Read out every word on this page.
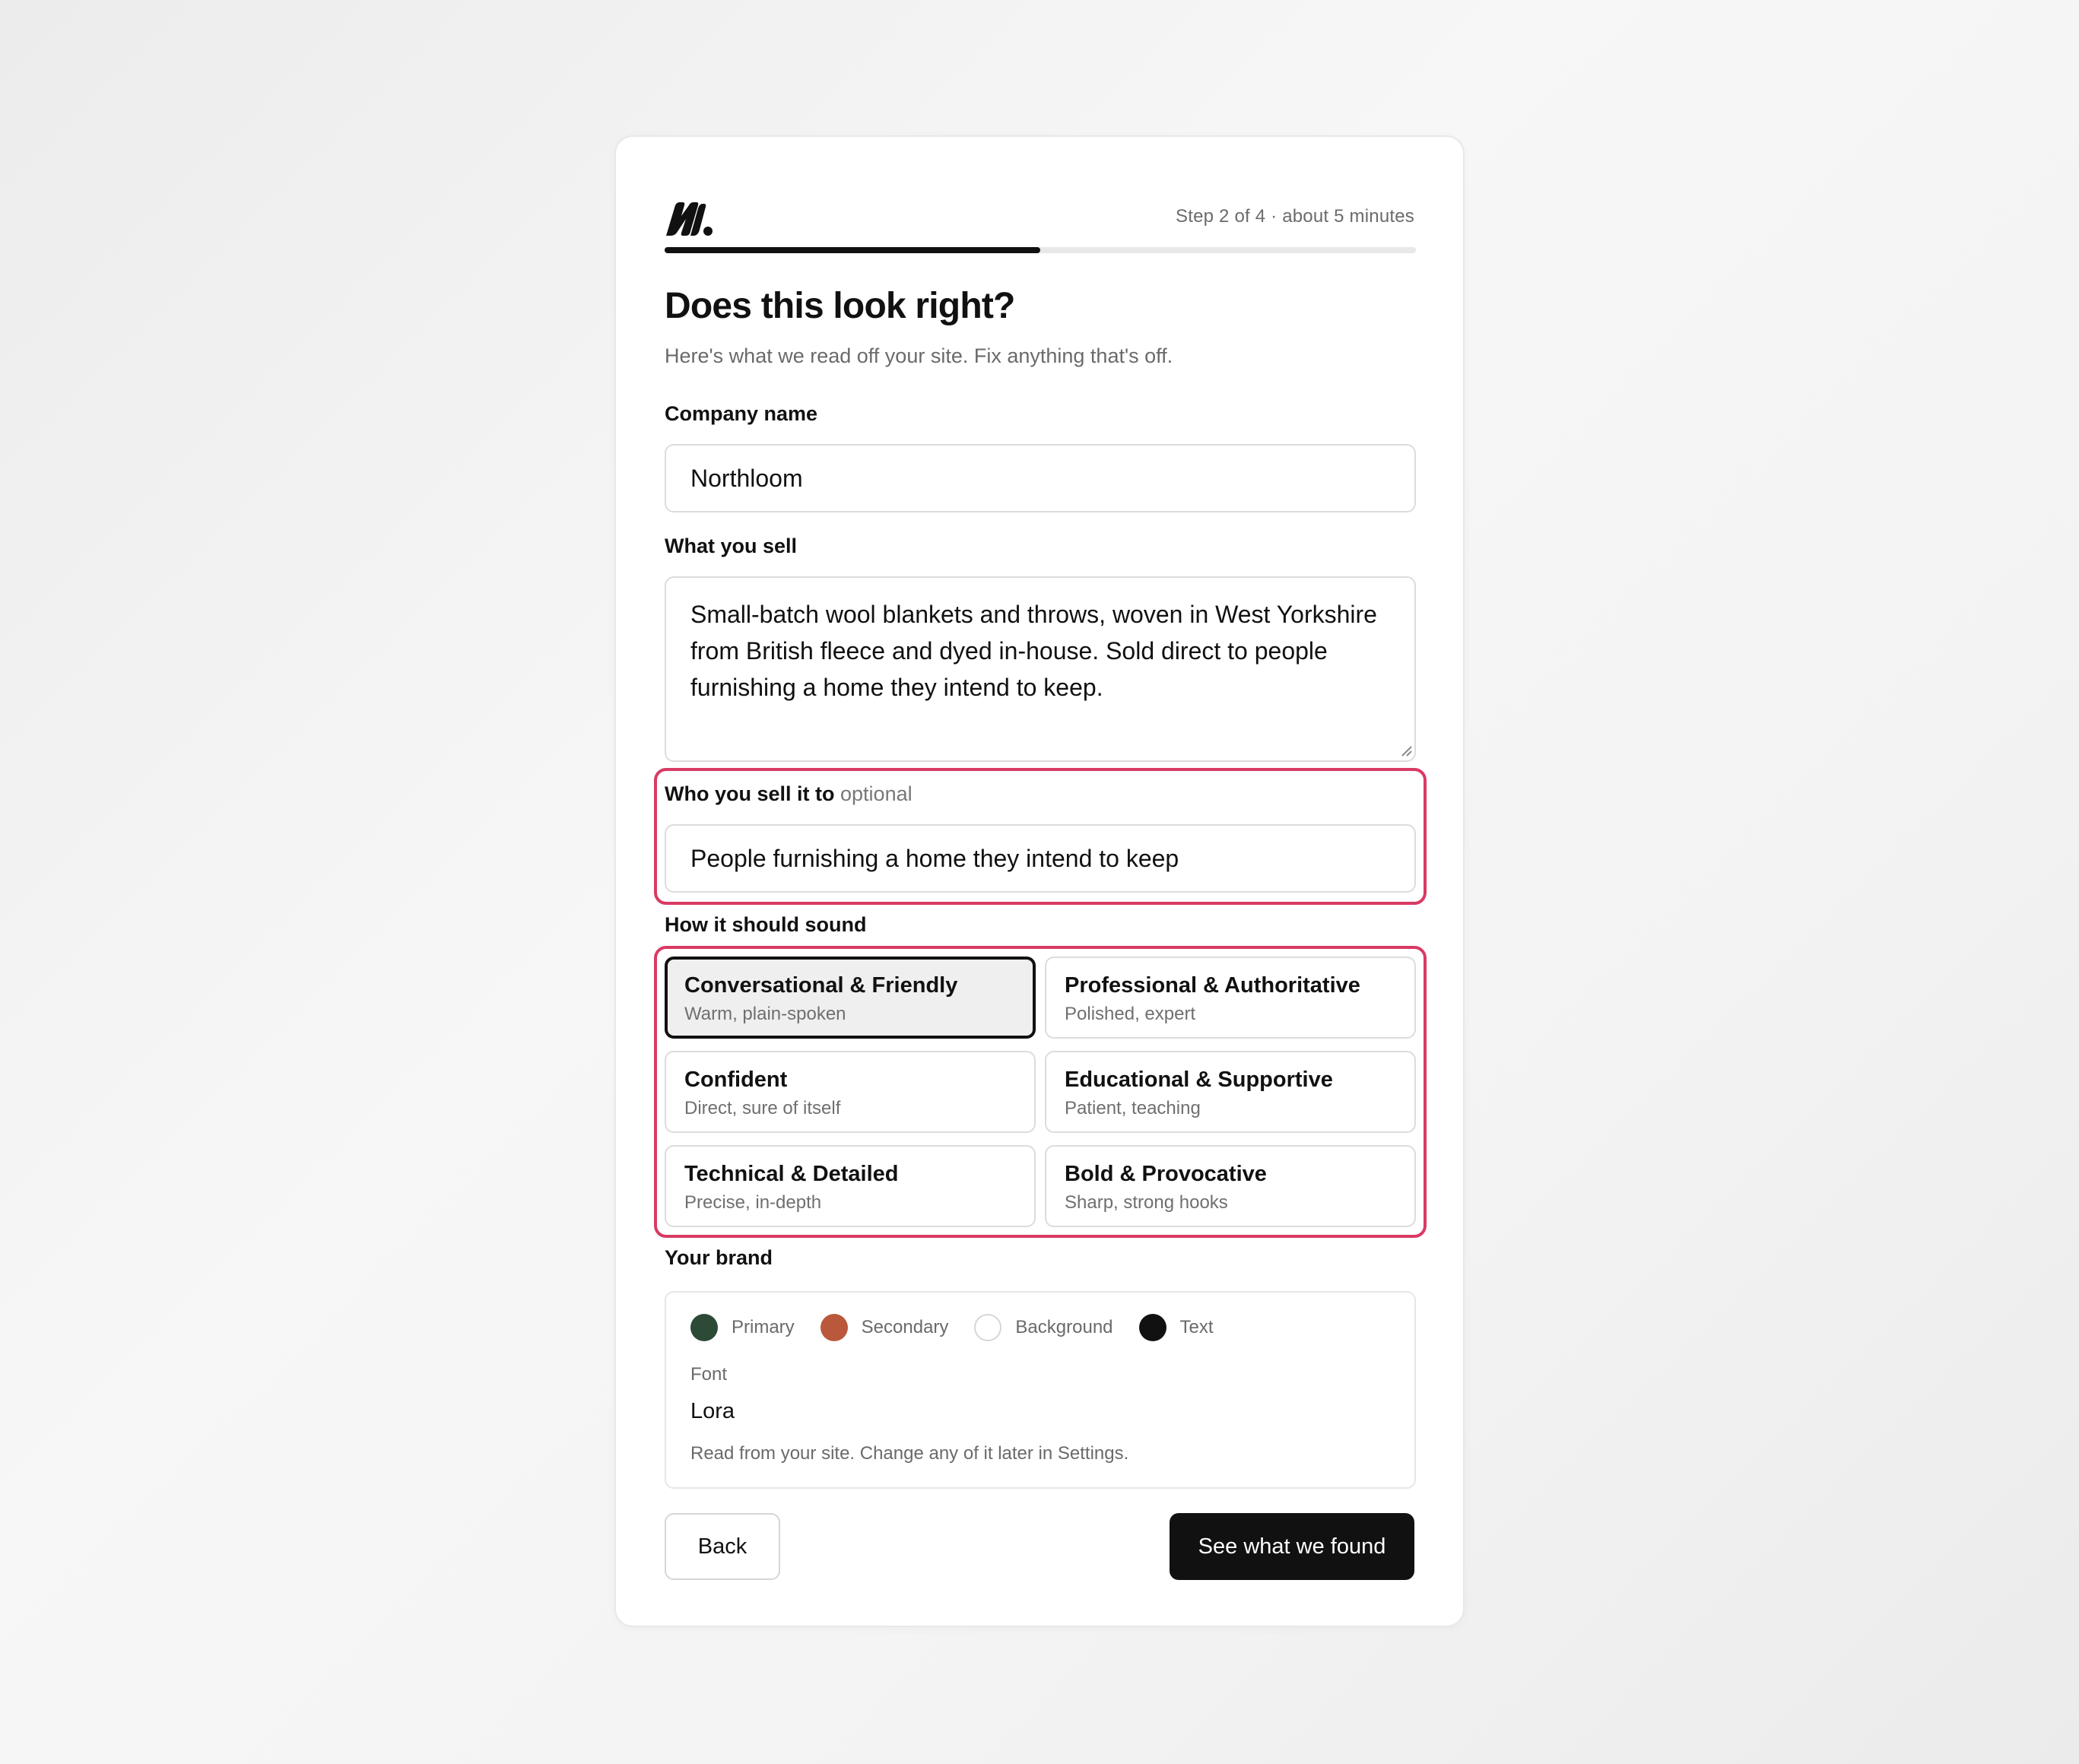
Step 2 of 4 · about 5 minutes
Does this look right?
Here's what we read off your site. Fix anything that's off.
Company name
Northloom
What you sell
Small-batch wool blankets and throws, woven in West Yorkshire from British fleece and dyed in-house. Sold direct to people furnishing a home they intend to keep.
Who you sell it to optional
People furnishing a home they intend to keep
How it should sound
Conversational & Friendly
Warm, plain-spoken
Professional & Authoritative
Polished, expert
Confident
Direct, sure of itself
Educational & Supportive
Patient, teaching
Technical & Detailed
Precise, in-depth
Bold & Provocative
Sharp, strong hooks
Your brand
Primary	Secondary	Background	Text
Font
Lora
Read from your site. Change any of it later in Settings.
Back	See what we found
